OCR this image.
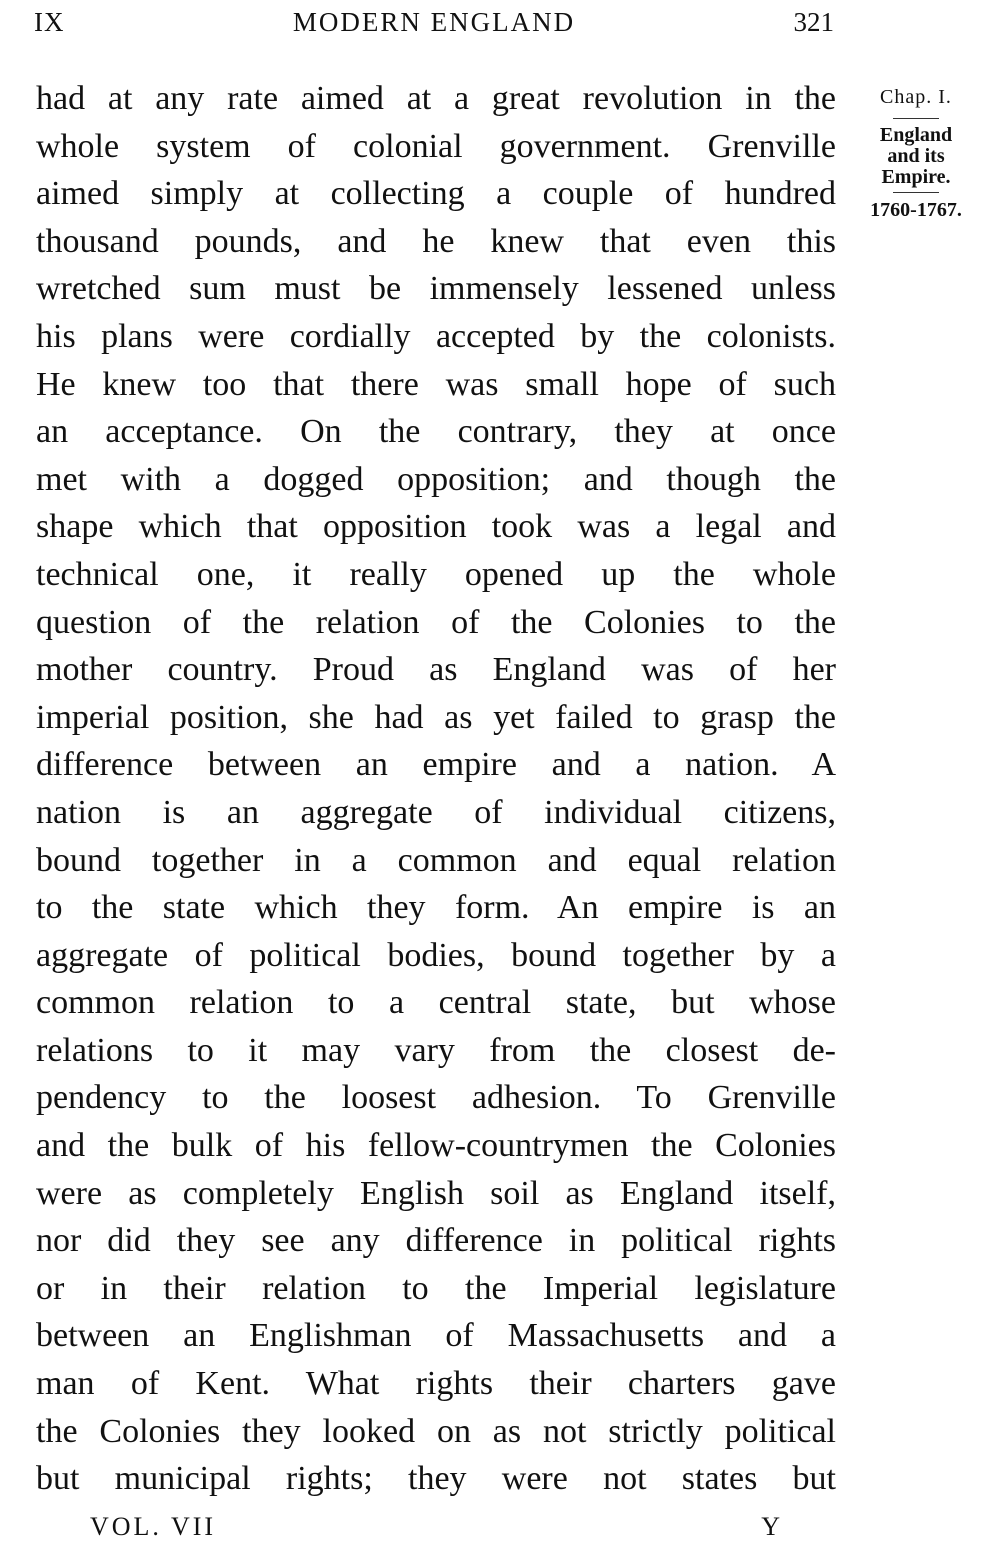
IX	MODERN ENGLAND	321
had at any rate aimed at a great revolution in the
whole system of colonial government. Grenville
aimed simply at collecting a couple of hundred
thousand pounds, and he knew that even this
wretched sum must be immensely lessened unless
his plans were cordially accepted by the colonists.
He knew too that there was small hope of such
an acceptance. On the contrary, they at once
met with a dogged opposition; and though the
shape which that opposition took was a legal and
technical one, it really opened up the whole
question of the relation of the Colonies to the
mother country. Proud as England was of her
imperial position, she had as yet failed to grasp the
difference between an empire and a nation. A
nation is an aggregate of individual citizens,
bound together in a common and equal relation
to the state which they form. An empire is an
aggregate of political bodies, bound together by a
common relation to a central state, but whose
relations to it may vary from the closest de-
pendency to the loosest adhesion. To Grenville
and the bulk of his fellow-countrymen the Colonies
were as completely English soil as England itself,
nor did they see any difference in political rights
or in their relation to the Imperial legislature
between an Englishman of Massachusetts and a
man of Kent. What rights their charters gave
the Colonies they looked on as not strictly political
but municipal rights; they were not states but
Chap. I.
England
and its
Empire.
1760-1767.
VOL. VII	Y
